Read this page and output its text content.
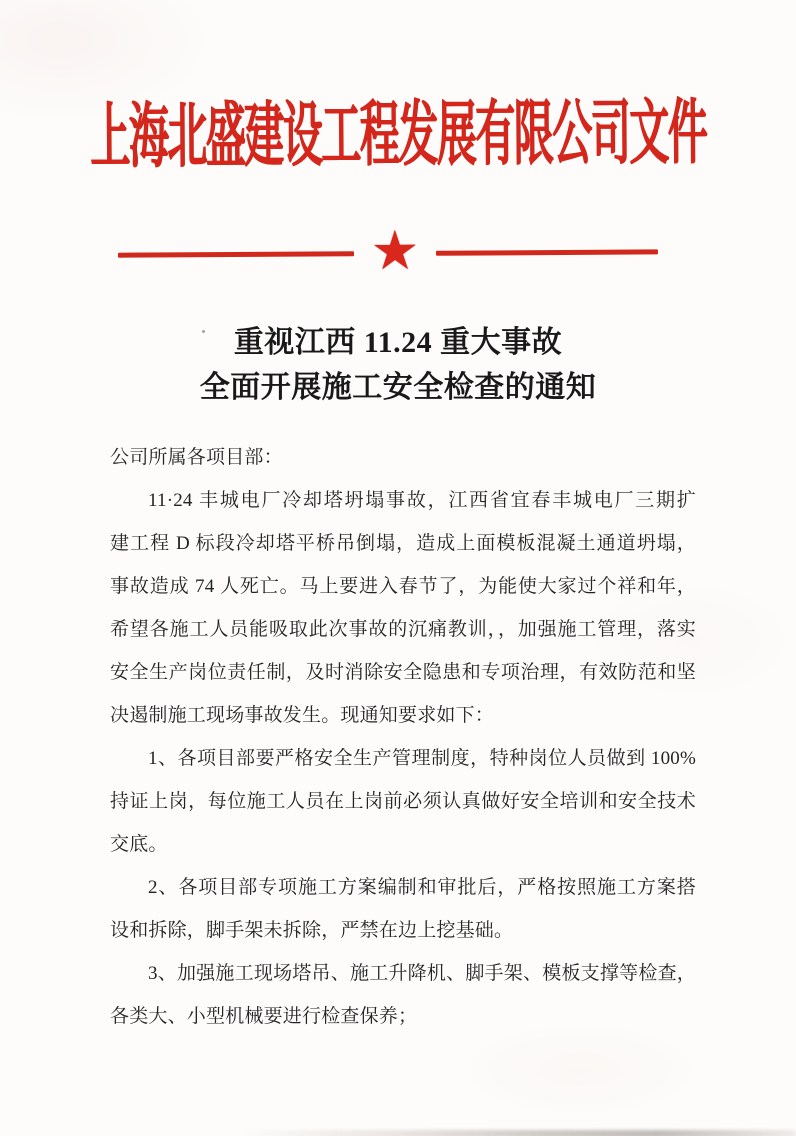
上海北盛建设工程发展有限公司文件
★
重视江西 11.24 重大事故
全面开展施工安全检查的通知

公司所属各项目部：

11·24 丰城电厂冷却塔坍塌事故，江西省宜春丰城电厂三期扩

建工程 D 标段冷却塔平桥吊倒塌，造成上面模板混凝土通道坍塌，

事故造成 74 人死亡。马上要进入春节了，为能使大家过个祥和年，

希望各施工人员能吸取此次事故的沉痛教训，，加强施工管理，落实

安全生产岗位责任制，及时消除安全隐患和专项治理，有效防范和坚

决遏制施工现场事故发生。现通知要求如下：

1、各项目部要严格安全生产管理制度，特种岗位人员做到 100%

持证上岗，每位施工人员在上岗前必须认真做好安全培训和安全技术

交底。

2、各项目部专项施工方案编制和审批后，严格按照施工方案搭

设和拆除，脚手架未拆除，严禁在边上挖基础。

3、加强施工现场塔吊、施工升降机、脚手架、模板支撑等检查，

各类大、小型机械要进行检查保养；
